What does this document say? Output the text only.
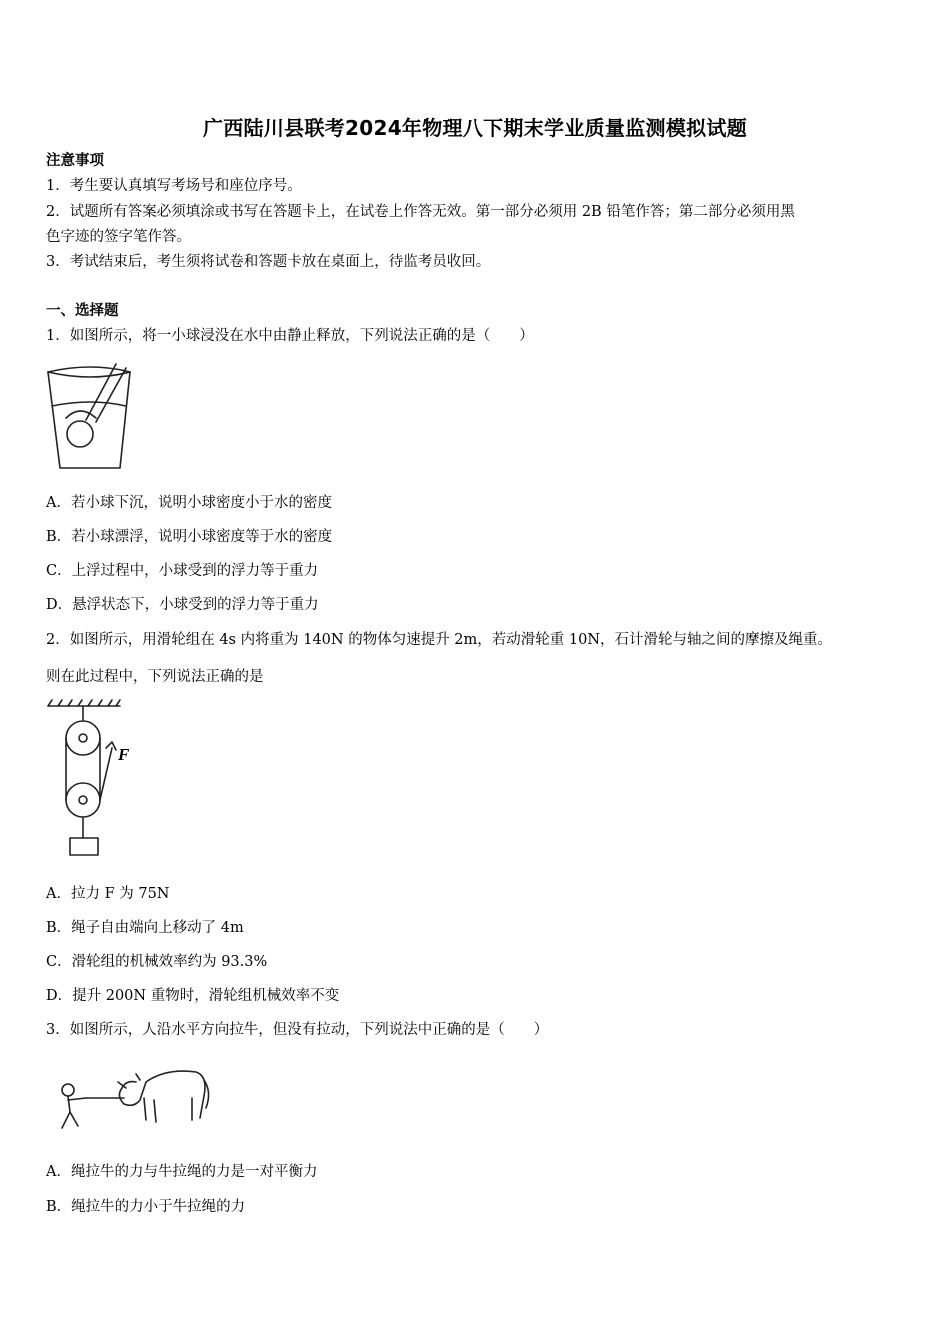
广西陆川县联考2024年物理八下期末学业质量监测模拟试题
注意事项
1．考生要认真填写考场号和座位序号。
2．试题所有答案必须填涂或书写在答题卡上，在试卷上作答无效。第一部分必须用 2B 铅笔作答；第二部分必须用黑
色字迹的签字笔作答。
3．考试结束后，考生须将试卷和答题卡放在桌面上，待监考员收回。
一、选择题
1．如图所示，将一小球浸没在水中由静止释放，下列说法正确的是（　　）
A．若小球下沉，说明小球密度小于水的密度
B．若小球漂浮，说明小球密度等于水的密度
C．上浮过程中，小球受到的浮力等于重力
D．悬浮状态下，小球受到的浮力等于重力
2．如图所示，用滑轮组在 4s 内将重为 140N 的物体匀速提升 2m，若动滑轮重 10N，石计滑轮与轴之间的摩擦及绳重。
则在此过程中，下列说法正确的是
F
A．拉力 F 为 75N
B．绳子自由端向上移动了 4m
C．滑轮组的机械效率约为 93.3%
D．提升 200N 重物时，滑轮组机械效率不变
3．如图所示，人沿水平方向拉牛，但没有拉动，下列说法中正确的是（　　）
A．绳拉牛的力与牛拉绳的力是一对平衡力
B．绳拉牛的力小于牛拉绳的力
